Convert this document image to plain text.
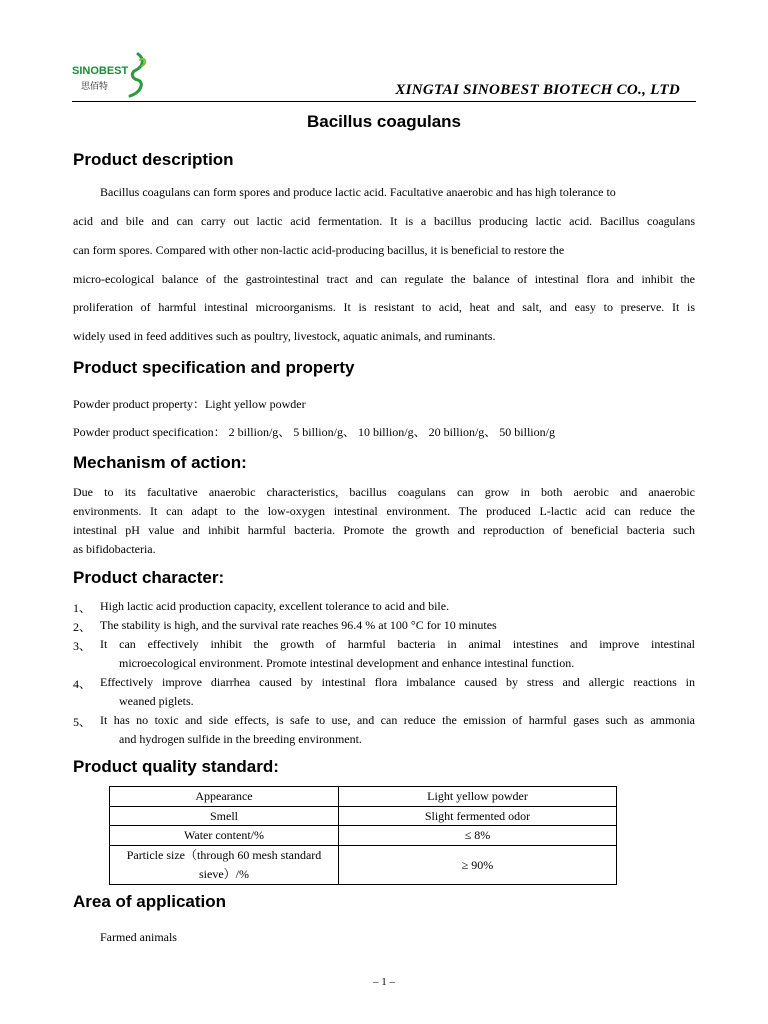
SINOBEST
思佰特	XINGTAI SINOBEST BIOTECH CO., LTD
Bacillus coagulans
Product description
Bacillus coagulans can form spores and produce lactic acid. Facultative anaerobic and has high tolerance to
acid and bile and can carry out lactic acid fermentation. It is a bacillus producing lactic acid. Bacillus coagulans
can form spores. Compared with other non-lactic acid-producing bacillus, it is beneficial to restore the
micro-ecological balance of the gastrointestinal tract and can regulate the balance of intestinal flora and inhibit the
proliferation of harmful intestinal microorganisms. It is resistant to acid, heat and salt, and easy to preserve. It is
widely used in feed additives such as poultry, livestock, aquatic animals, and ruminants.
Product specification and property
Powder product property：Light yellow powder
Powder product specification： 2 billion/g、 5 billion/g、 10 billion/g、 20 billion/g、 50 billion/g
Mechanism of action:
Due to its facultative anaerobic characteristics, bacillus coagulans can grow in both aerobic and anaerobic
environments. It can adapt to the low-oxygen intestinal environment. The produced L-lactic acid can reduce the
intestinal pH value and inhibit harmful bacteria. Promote the growth and reproduction of beneficial bacteria such
as bifidobacteria.
Product character:
1、 High lactic acid production capacity, excellent tolerance to acid and bile.
2、 The stability is high, and the survival rate reaches 96.4 % at 100 °C for 10 minutes
3、 It can effectively inhibit the growth of harmful bacteria in animal intestines and improve intestinal
microecological environment. Promote intestinal development and enhance intestinal function.
4、 Effectively improve diarrhea caused by intestinal flora imbalance caused by stress and allergic reactions in
weaned piglets.
5、 It has no toxic and side effects, is safe to use, and can reduce the emission of harmful gases such as ammonia
and hydrogen sulfide in the breeding environment.
Product quality standard:
Appearance	Light yellow powder
Smell	Slight fermented odor
Water content/%	≤ 8%
Particle size（through 60 mesh standard
sieve）/%	≥ 90%
Area of application
Farmed animals
– 1 –
